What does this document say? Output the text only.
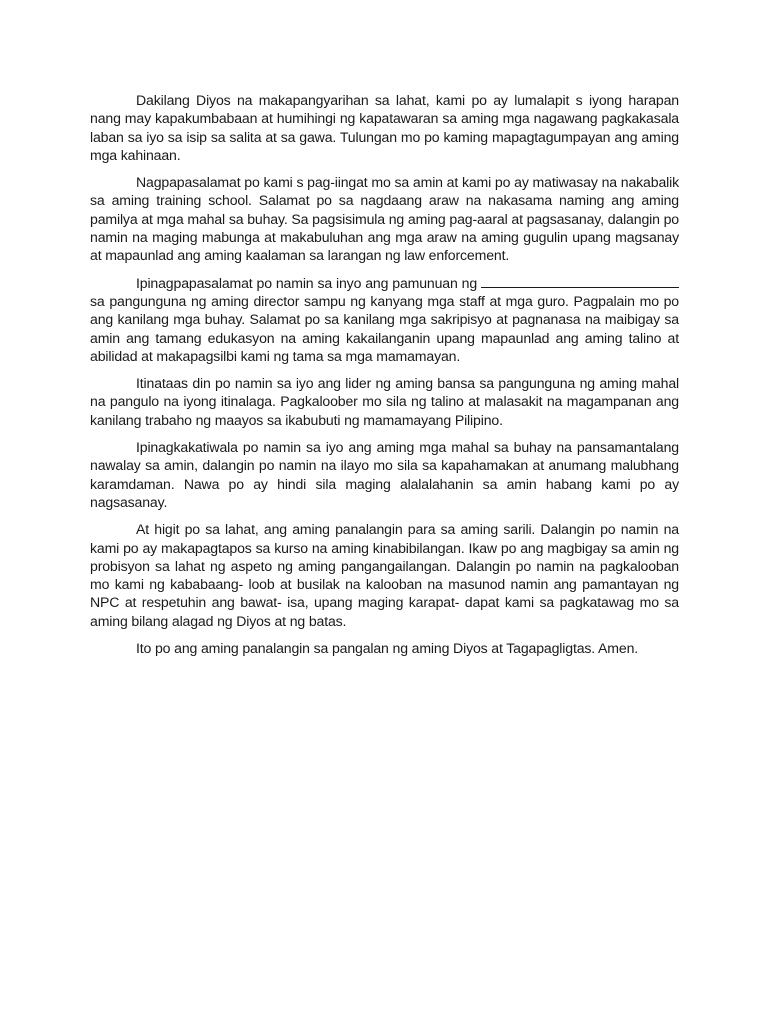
Dakilang Diyos na makapangyarihan sa lahat, kami po ay lumalapit s iyong harapan nang may kapakumbabaan at humihingi ng kapatawaran sa aming mga nagawang pagkakasala laban sa iyo sa isip sa salita at sa gawa. Tulungan mo po kaming mapagtagumpayan ang aming mga kahinaan.

Nagpapasalamat po kami s pag-iingat mo sa amin at kami po ay matiwasay na nakabalik sa aming training school. Salamat po sa nagdaang araw na nakasama naming ang aming pamilya at mga mahal sa buhay. Sa pagsisimula ng aming pag-aaral at pagsasanay, dalangin po namin na maging mabunga at makabuluhan ang mga araw na aming gugulin upang magsanay at mapaunlad ang aming kaalaman sa larangan ng law enforcement.

Ipinagpapasalamat po namin sa inyo ang pamunuan ng  sa pangunguna ng aming director sampu ng kanyang mga staff at mga guro. Pagpalain mo po ang kanilang mga buhay. Salamat po sa kanilang mga sakripisyo at pagnanasa na maibigay sa amin ang tamang edukasyon na aming kakailanganin upang mapaunlad ang aming talino at abilidad at makapagsilbi kami ng tama sa mga mamamayan.

Itinataas din po namin sa iyo ang lider ng aming bansa sa pangunguna ng aming mahal na pangulo na iyong itinalaga. Pagkaloober mo sila ng talino at malasakit na magampanan ang kanilang trabaho ng maayos sa ikabubuti ng mamamayang Pilipino.

Ipinagkakatiwala po namin sa iyo ang aming mga mahal sa buhay na pansamantalang nawalay sa amin, dalangin po namin na ilayo mo sila sa kapahamakan at anumang malubhang karamdaman. Nawa po ay hindi sila maging alalalahanin sa amin habang kami po ay nagsasanay.

At higit po sa lahat, ang aming panalangin para sa aming sarili. Dalangin po namin na kami po ay makapagtapos sa kurso na aming kinabibilangan. Ikaw po ang magbigay sa amin ng probisyon sa lahat ng aspeto ng aming pangangailangan. Dalangin po namin na pagkalooban mo kami ng kababaang- loob at busilak na kalooban na masunod namin ang pamantayan ng NPC at respetuhin ang bawat- isa, upang maging karapat- dapat kami sa pagkatawag mo sa aming bilang alagad ng Diyos at ng batas.

Ito po ang aming panalangin sa pangalan ng aming Diyos at Tagapagligtas. Amen.
